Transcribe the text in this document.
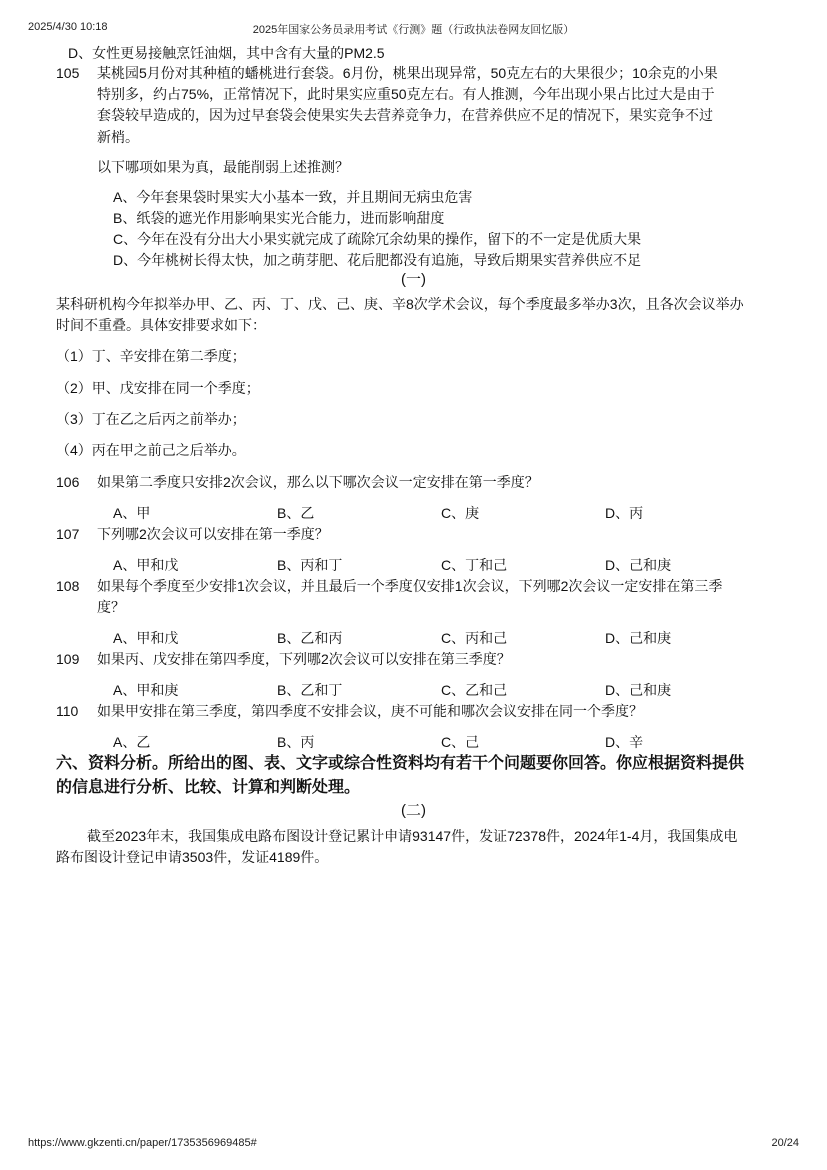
2025/4/30 10:18	2025年国家公务员录用考试《行测》题（行政执法卷网友回忆版）
D、女性更易接触烹饪油烟，其中含有大量的PM2.5
105 某桃园5月份对其种植的蟠桃进行套袋。6月份，桃果出现异常，50克左右的大果很少；10余克的小果
特别多，约占75%，正常情况下，此时果实应重50克左右。有人推测，今年出现小果占比过大是由于
套袋较早造成的，因为过早套袋会使果实失去营养竞争力，在营养供应不足的情况下，果实竞争不过
新梢。
以下哪项如果为真，最能削弱上述推测？
A、今年套果袋时果实大小基本一致，并且期间无病虫危害
B、纸袋的遮光作用影响果实光合能力，进而影响甜度
C、今年在没有分出大小果实就完成了疏除冗余幼果的操作，留下的不一定是优质大果
D、今年桃树长得太快，加之萌芽肥、花后肥都没有追施，导致后期果实营养供应不足
(一)
某科研机构今年拟举办甲、乙、丙、丁、戊、己、庚、辛8次学术会议，每个季度最多举办3次，且各次会议举办
时间不重叠。具体安排要求如下：
（1）丁、辛安排在第二季度；
（2）甲、戊安排在同一个季度；
（3）丁在乙之后丙之前举办；
（4）丙在甲之前己之后举办。
106 如果第二季度只安排2次会议，那么以下哪次会议一定安排在第一季度？
A、甲	B、乙	C、庚	D、丙
107 下列哪2次会议可以安排在第一季度？
A、甲和戊	B、丙和丁	C、丁和己	D、己和庚
108 如果每个季度至少安排1次会议，并且最后一个季度仅安排1次会议，下列哪2次会议一定安排在第三季
度？
A、甲和戊	B、乙和丙	C、丙和己	D、己和庚
109 如果丙、戊安排在第四季度，下列哪2次会议可以安排在第三季度？
A、甲和庚	B、乙和丁	C、乙和己	D、己和庚
110 如果甲安排在第三季度，第四季度不安排会议，庚不可能和哪次会议安排在同一个季度？
A、乙	B、丙	C、己	D、辛
六、资料分析。所给出的图、表、文字或综合性资料均有若干个问题要你回答。你应根据资料提供
的信息进行分析、比较、计算和判断处理。
(二)
截至2023年末，我国集成电路布图设计登记累计申请93147件，发证72378件，2024年1-4月，我国集成电
路布图设计登记申请3503件，发证4189件。
https://www.gkzenti.cn/paper/1735356969485#	20/24
